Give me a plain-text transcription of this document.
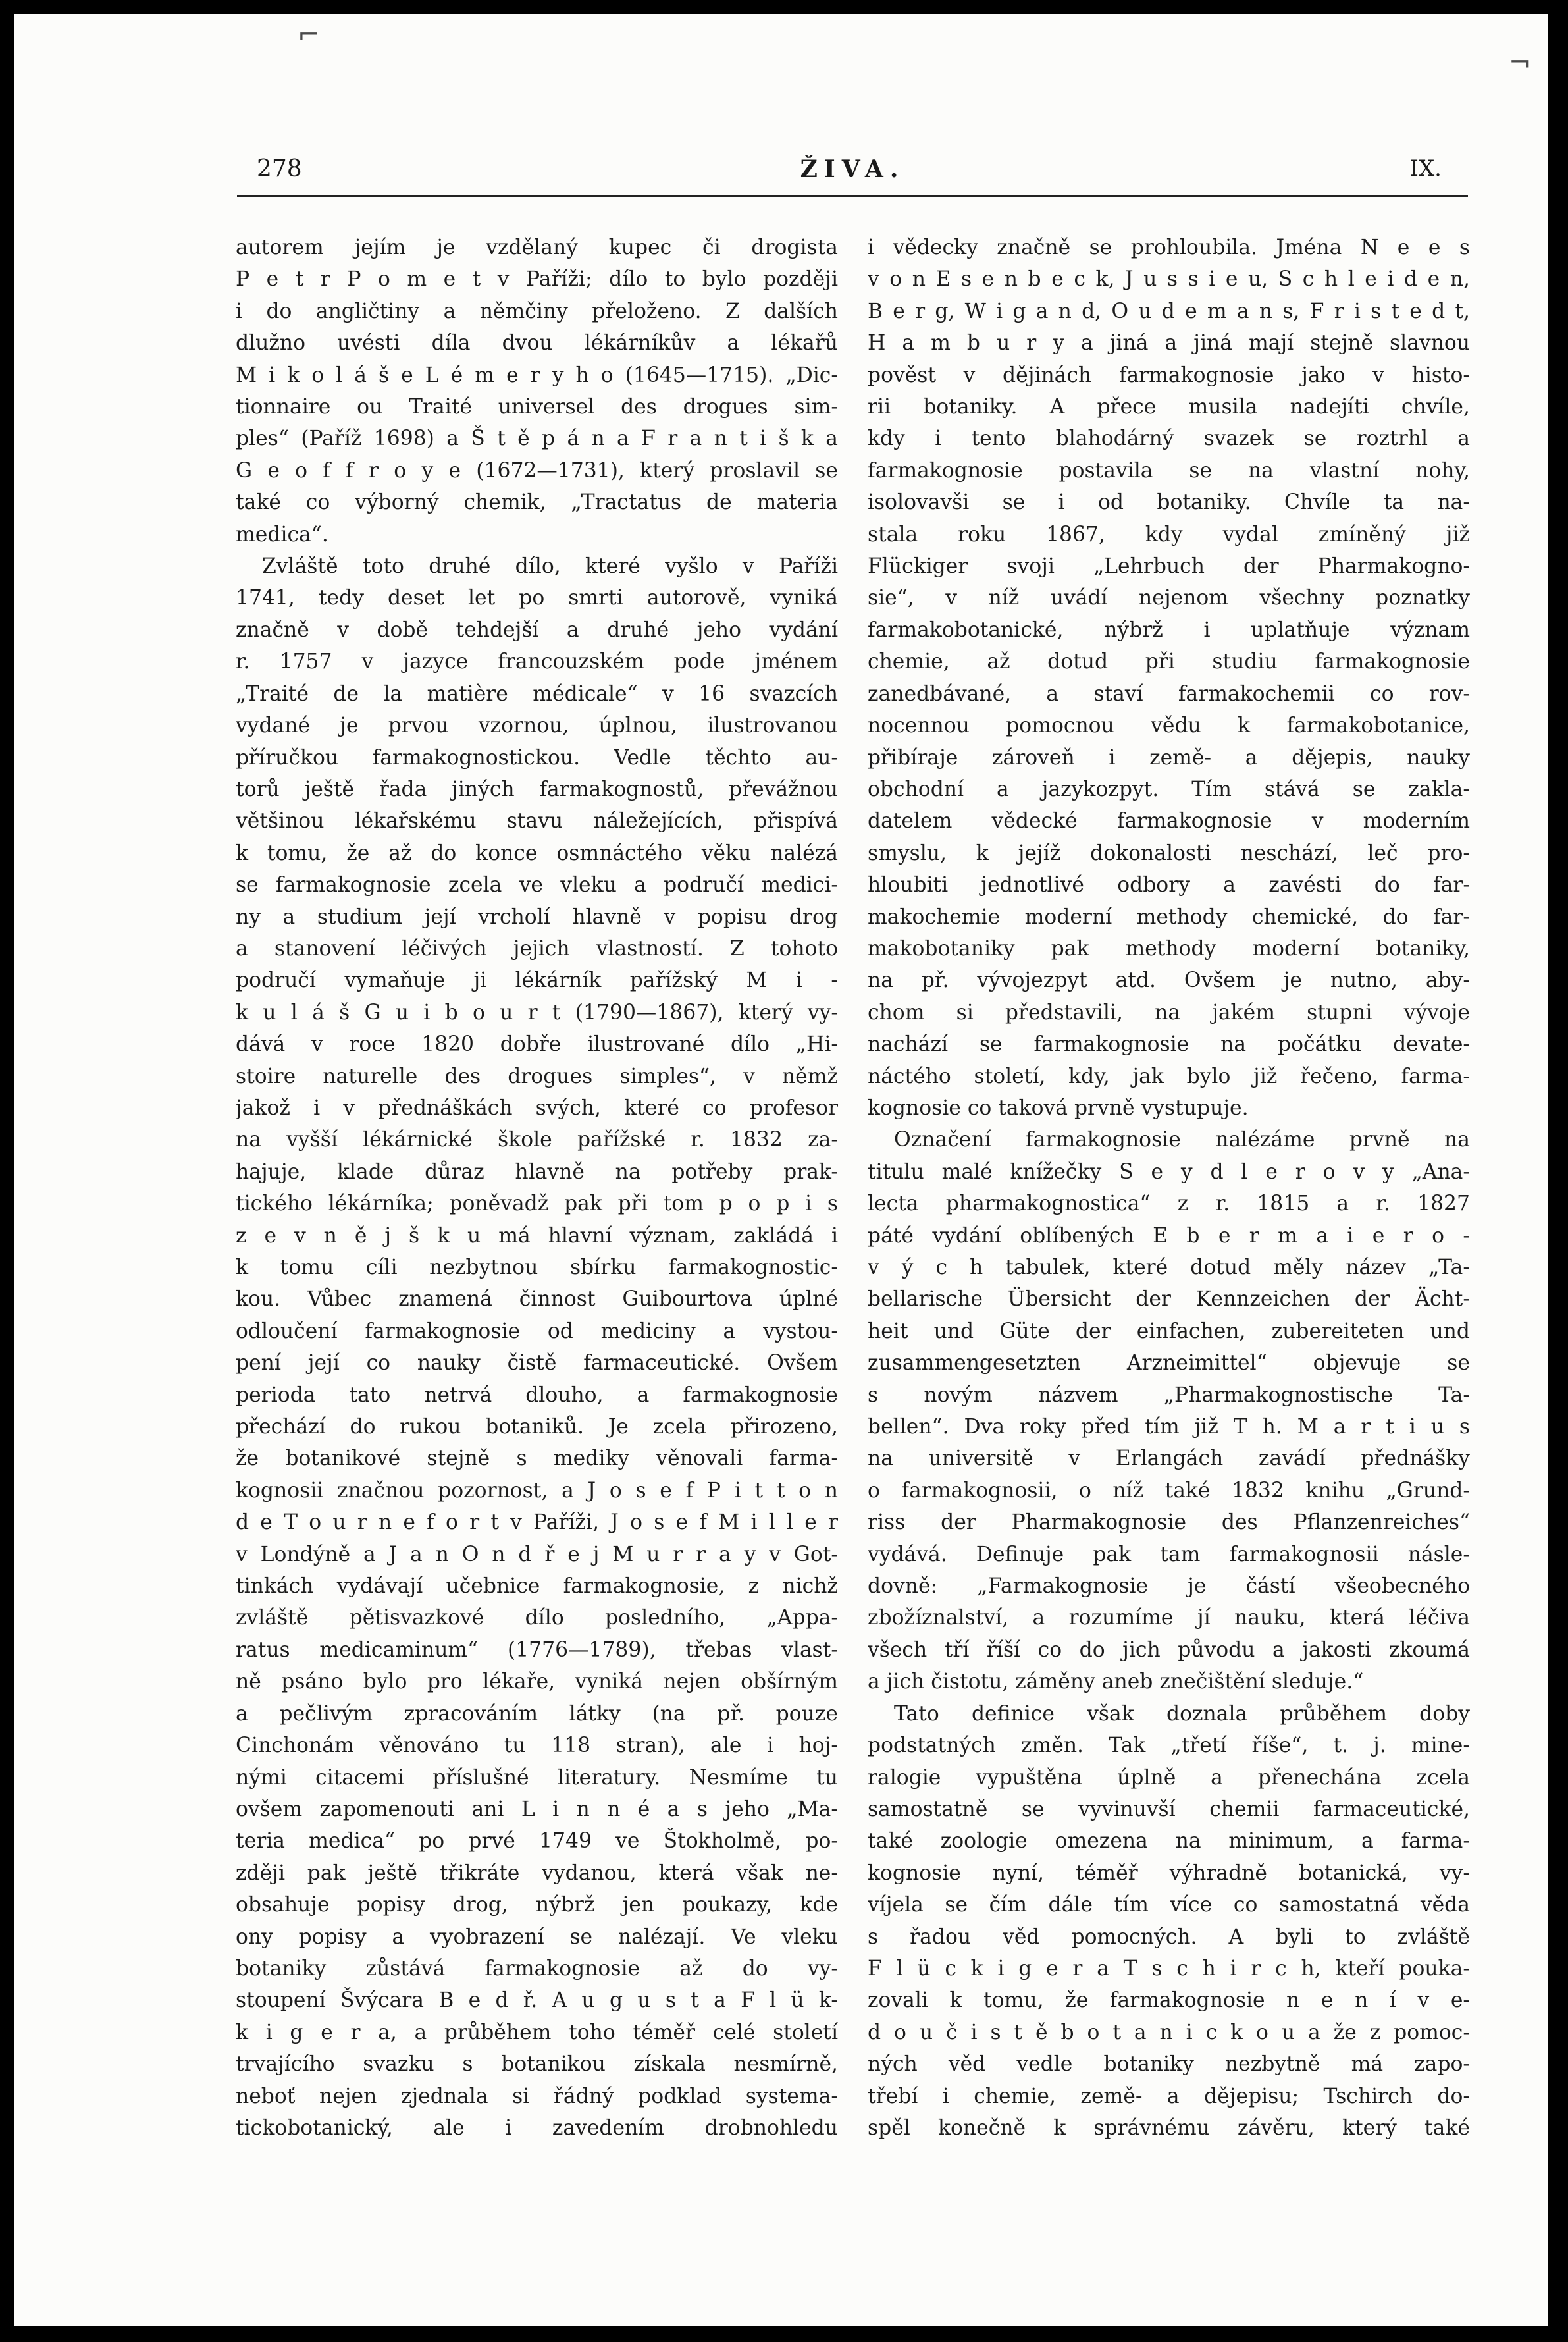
⌐
¬
278	ŽIVA.	IX.

autorem jejím je vzdělaný kupec či drogista

P e t r P o m e t v Paříži; dílo to bylo později

i do angličtiny a němčiny přeloženo. Z dalších

dlužno uvésti díla dvou lékárníkův a lékařů

M i k o l á š e L é m e r y h o (1645—1715). „Dic-

tionnaire ou Traité universel des drogues sim-

ples“ (Paříž 1698) a Š t ě p á n a F r a n t i š k a

G e o f f r o y e (1672—1731), který proslavil se

také co výborný chemik, „Tractatus de materia

medica“.

Zvláště toto druhé dílo, které vyšlo v Paříži

1741, tedy deset let po smrti autorově, vyniká

značně v době tehdejší a druhé jeho vydání

r. 1757 v jazyce francouzském pode jménem

„Traité de la matière médicale“ v 16 svazcích

vydané je prvou vzornou, úplnou, ilustrovanou

příručkou farmakognostickou. Vedle těchto au-

torů ještě řada jiných farmakognostů, převážnou

většinou lékařskému stavu náležejících, přispívá

k tomu, že až do konce osmnáctého věku nalézá

se farmakognosie zcela ve vleku a područí medici-

ny a studium její vrcholí hlavně v popisu drog

a stanovení léčivých jejich vlastností. Z tohoto

područí vymaňuje ji lékárník pařížský M i -

k u l á š G u i b o u r t (1790—1867), který vy-

dává v roce 1820 dobře ilustrované dílo „Hi-

stoire naturelle des drogues simples“, v němž

jakož i v přednáškách svých, které co profesor

na vyšší lékárnické škole pařížské r. 1832 za-

hajuje, klade důraz hlavně na potřeby prak-

tického lékárníka; poněvadž pak při tom p o p i s

z e v n ě j š k u má hlavní význam, zakládá i

k tomu cíli nezbytnou sbírku farmakognostic-

kou. Vůbec znamená činnost Guibourtova úplné

odloučení farmakognosie od mediciny a vystou-

pení její co nauky čistě farmaceutické. Ovšem

perioda tato netrvá dlouho, a farmakognosie

přechází do rukou botaniků. Je zcela přirozeno,

že botanikové stejně s mediky věnovali farma-

kognosii značnou pozornost, a J o s e f P i t t o n

d e T o u r n e f o r t v Paříži, J o s e f M i l l e r

v Londýně a J a n O n d ř e j M u r r a y v Got-

tinkách vydávají učebnice farmakognosie, z nichž

zvláště pětisvazkové dílo posledního, „Appa-

ratus medicaminum“ (1776—1789), třebas vlast-

ně psáno bylo pro lékaře, vyniká nejen obšírným

a pečlivým zpracováním látky (na př. pouze

Cinchonám věnováno tu 118 stran), ale i hoj-

nými citacemi příslušné literatury. Nesmíme tu

ovšem zapomenouti ani L i n n é a s jeho „Ma-

teria medica“ po prvé 1749 ve Štokholmě, po-

zději pak ještě třikráte vydanou, která však ne-

obsahuje popisy drog, nýbrž jen poukazy, kde

ony popisy a vyobrazení se nalézají. Ve vleku

botaniky zůstává farmakognosie až do vy-

stoupení Švýcara B e d ř. A u g u s t a F l ü k-

k i g e r a, a průběhem toho téměř celé století

trvajícího svazku s botanikou získala nesmírně,

neboť nejen zjednala si řádný podklad systema-

tickobotanický, ale i zavedením drobnohledu

i vědecky značně se prohloubila. Jména N e e s

v o n E s e n b e c k, J u s s i e u, S c h l e i d e n,

B e r g, W i g a n d, O u d e m a n s, F r i s t e d t,

H a m b u r y a jiná a jiná mají stejně slavnou

pověst v dějinách farmakognosie jako v histo-

rii botaniky. A přece musila nadejíti chvíle,

kdy i tento blahodárný svazek se roztrhl a

farmakognosie postavila se na vlastní nohy,

isolovavši se i od botaniky. Chvíle ta na-

stala roku 1867, kdy vydal zmíněný již

Flückiger svoji „Lehrbuch der Pharmakogno-

sie“, v níž uvádí nejenom všechny poznatky

farmakobotanické, nýbrž i uplatňuje význam

chemie, až dotud při studiu farmakognosie

zanedbávané, a staví farmakochemii co rov-

nocennou pomocnou vědu k farmakobotanice,

přibíraje zároveň i země- a dějepis, nauky

obchodní a jazykozpyt. Tím stává se zakla-

datelem vědecké farmakognosie v moderním

smyslu, k jejíž dokonalosti neschází, leč pro-

hloubiti jednotlivé odbory a zavésti do far-

makochemie moderní methody chemické, do far-

makobotaniky pak methody moderní botaniky,

na př. vývojezpyt atd. Ovšem je nutno, aby-

chom si představili, na jakém stupni vývoje

nachází se farmakognosie na počátku devate-

náctého století, kdy, jak bylo již řečeno, farma-

kognosie co taková prvně vystupuje.

Označení farmakognosie nalézáme prvně na

titulu malé knížečky S e y d l e r o v y „Ana-

lecta pharmakognostica“ z r. 1815 a r. 1827

páté vydání oblíbených E b e r m a i e r o -

v ý c h tabulek, které dotud měly název „Ta-

bellarische Übersicht der Kennzeichen der Ächt-

heit und Güte der einfachen, zubereiteten und

zusammengesetzten Arzneimittel“ objevuje se

s novým názvem „Pharmakognostische Ta-

bellen“. Dva roky před tím již T h. M a r t i u s

na universitě v Erlangách zavádí přednášky

o farmakognosii, o níž také 1832 knihu „Grund-

riss der Pharmakognosie des Pflanzenreiches“

vydává. Definuje pak tam farmakognosii násle-

dovně: „Farmakognosie je částí všeobecného

zbožíznalství, a rozumíme jí nauku, která léčiva

všech tří říší co do jich původu a jakosti zkoumá

a jich čistotu, záměny aneb znečištění sleduje.“

Tato definice však doznala průběhem doby

podstatných změn. Tak „třetí říše“, t. j. mine-

ralogie vypuštěna úplně a přenechána zcela

samostatně se vyvinuvší chemii farmaceutické,

také zoologie omezena na minimum, a farma-

kognosie nyní, téměř výhradně botanická, vy-

víjela se čím dále tím více co samostatná věda

s řadou věd pomocných. A byli to zvláště

F l ü c k i g e r a T s c h i r c h, kteří pouka-

zovali k tomu, že farmakognosie n e n í v e-

d o u č i s t ě b o t a n i c k o u a že z pomoc-

ných věd vedle botaniky nezbytně má zapo-

třebí i chemie, země- a dějepisu; Tschirch do-

spěl konečně k správnému závěru, který také
